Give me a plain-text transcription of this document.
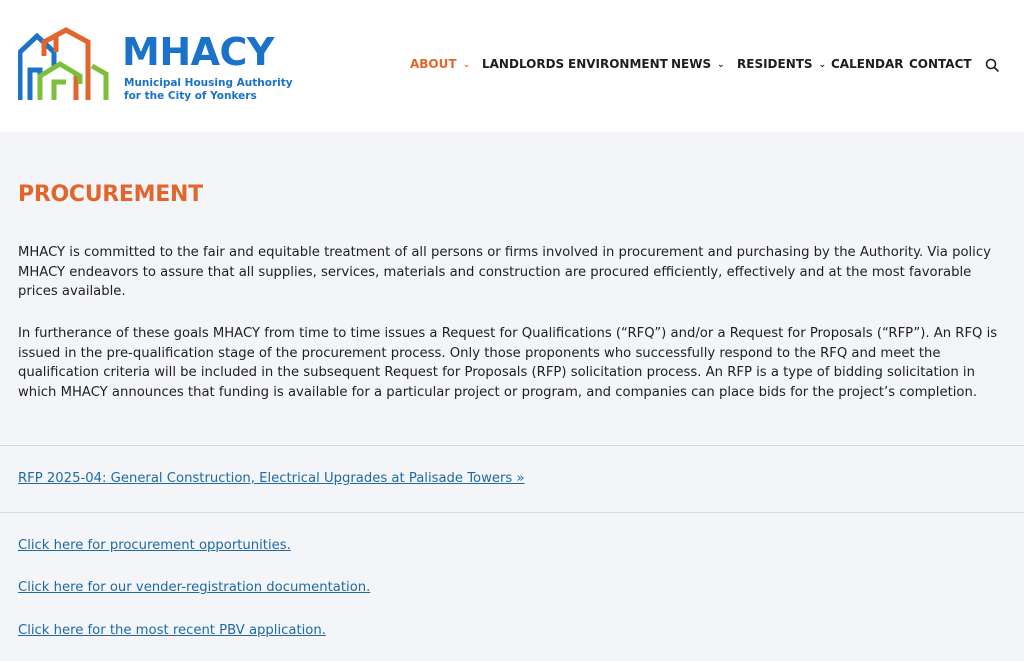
MHACY
Municipal Housing Authority
for the City of Yonkers
ABOUT ⌄ LANDLORDS ENVIRONMENT NEWS ⌄ RESIDENTS ⌄ CALENDAR CONTACT
PROCUREMENT

MHACY is committed to the fair and equitable treatment of all persons or firms involved in procurement and purchasing by the Authority. Via policy MHACY endeavors to assure that all supplies, services, materials and construction are procured efficiently, effectively and at the most favorable prices available.

In furtherance of these goals MHACY from time to time issues a Request for Qualifications (“RFQ”) and/or a Request for Proposals (“RFP”). An RFQ is issued in the pre-qualification stage of the procurement process. Only those proponents who successfully respond to the RFQ and meet the qualification criteria will be included in the subsequent Request for Proposals (RFP) solicitation process. An RFP is a type of bidding solicitation in which MHACY announces that funding is available for a particular project or program, and companies can place bids for the project’s completion.

RFP 2025-04: General Construction, Electrical Upgrades at Palisade Towers »
Click here for procurement opportunities.
Click here for our vender-registration documentation.
Click here for the most recent PBV application.
